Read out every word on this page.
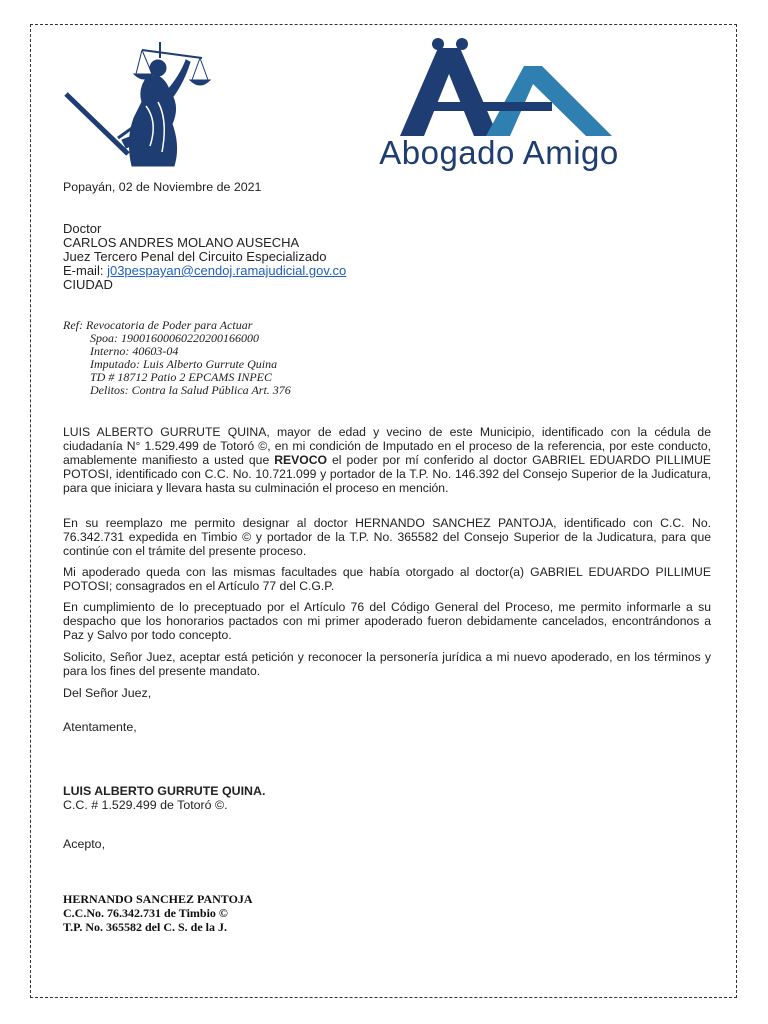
Abogado Amigo
Popayán, 02 de Noviembre de 2021
Doctor
CARLOS ANDRES MOLANO AUSECHA
Juez Tercero Penal del Circuito Especializado
E-mail: j03pespayan@cendoj.ramajudicial.gov.co
CIUDAD
Ref: Revocatoria de Poder para Actuar
Spoa: 19001600060220200166000
Interno: 40603-04
Imputado: Luis Alberto Gurrute Quina
TD # 18712 Patio 2 EPCAMS INPEC
Delitos: Contra la Salud Pública Art. 376
LUIS ALBERTO GURRUTE QUINA, mayor de edad y vecino de este Municipio, identificado con la cédula de ciudadanía N° 1.529.499 de Totoró ©, en mi condición de Imputado en el proceso de la referencia, por este conducto, amablemente manifiesto a usted que REVOCO el poder por mí conferido al doctor GABRIEL EDUARDO PILLIMUE POTOSI, identificado con C.C. No. 10.721.099 y portador de la T.P. No. 146.392 del Consejo Superior de la Judicatura, para que iniciara y llevara hasta su culminación el proceso en mención.
En su reemplazo me permito designar al doctor HERNANDO SANCHEZ PANTOJA, identificado con C.C. No. 76.342.731 expedida en Timbio © y portador de la T.P. No. 365582 del Consejo Superior de la Judicatura, para que continúe con el trámite del presente proceso.
Mi apoderado queda con las mismas facultades que había otorgado al doctor(a) GABRIEL EDUARDO PILLIMUE POTOSI; consagrados en el Artículo 77 del C.G.P.
En cumplimiento de lo preceptuado por el Artículo 76 del Código General del Proceso, me permito informarle a su despacho que los honorarios pactados con mi primer apoderado fueron debidamente cancelados, encontrándonos a Paz y Salvo por todo concepto.
Solicito, Señor Juez, aceptar está petición y reconocer la personería jurídica a mi nuevo apoderado, en los términos y para los fines del presente mandato.
Del Señor Juez,
Atentamente,
LUIS ALBERTO GURRUTE QUINA.
C.C. # 1.529.499 de Totoró ©.
Acepto,
HERNANDO SANCHEZ PANTOJA
C.C.No. 76.342.731 de Timbio ©
T.P. No. 365582 del C. S. de la J.
